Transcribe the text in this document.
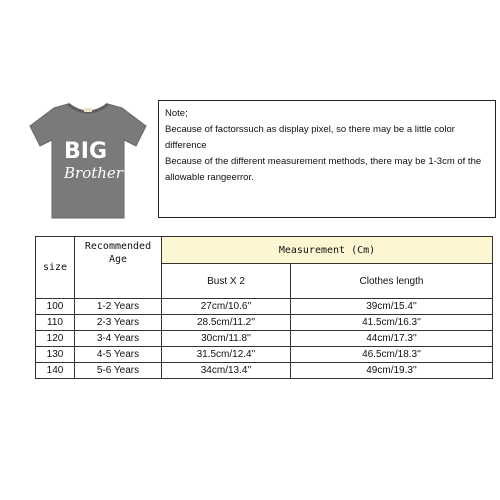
BIG
Brother
Note;
Because of factorssuch as display pixel, so there may be a little color difference
Because of the different measurement methods, there may be 1-3cm of the allowable rangeerror.
size	Recommended Age	Measurement (Cm)	
		Bust X 2	Clothes length
100	1-2 Years	27cm/10.6''	39cm/15.4''
110	2-3 Years	28.5cm/11.2''	41.5cm/16.3''
120	3-4 Years	30cm/11.8''	44cm/17.3''
130	4-5 Years	31.5cm/12.4''	46.5cm/18.3''
140	5-6 Years	34cm/13.4''	49cm/19.3''
